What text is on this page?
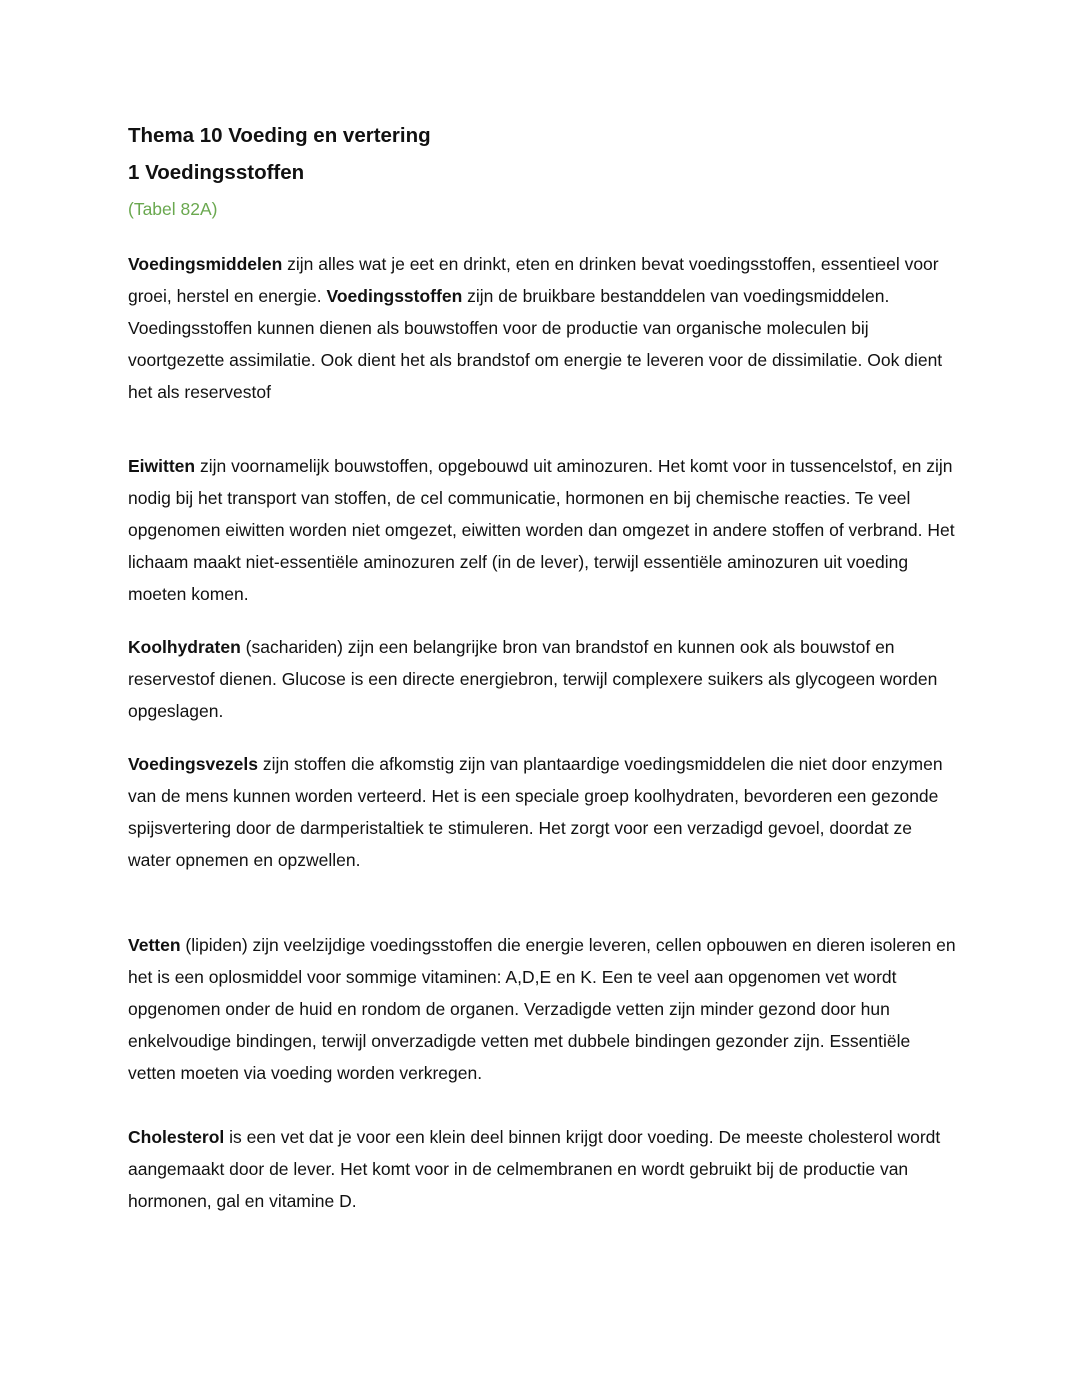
Thema 10 Voeding en vertering
1 Voedingsstoffen

(Tabel 82A)

Voedingsmiddelen zijn alles wat je eet en drinkt, eten en drinken bevat voedingsstoffen, essentieel voor groei, herstel en energie. Voedingsstoffen zijn de bruikbare bestanddelen van voedingsmiddelen. Voedingsstoffen kunnen dienen als bouwstoffen voor de productie van organische moleculen bij voortgezette assimilatie. Ook dient het als brandstof om energie te leveren voor de dissimilatie. Ook dient het als reservestof

Eiwitten zijn voornamelijk bouwstoffen, opgebouwd uit aminozuren. Het komt voor in tussencelstof, en zijn nodig bij het transport van stoffen, de cel communicatie, hormonen en bij chemische reacties. Te veel opgenomen eiwitten worden niet omgezet, eiwitten worden dan omgezet in andere stoffen of verbrand. Het lichaam maakt niet-essentiële aminozuren zelf (in de lever), terwijl essentiële aminozuren uit voeding moeten komen.

Koolhydraten (sachariden) zijn een belangrijke bron van brandstof en kunnen ook als bouwstof en reservestof dienen. Glucose is een directe energiebron, terwijl complexere suikers als glycogeen worden opgeslagen.

Voedingsvezels zijn stoffen die afkomstig zijn van plantaardige voedingsmiddelen die niet door enzymen van de mens kunnen worden verteerd. Het is een speciale groep koolhydraten, bevorderen een gezonde spijsvertering door de darmperistaltiek te stimuleren. Het zorgt voor een verzadigd gevoel, doordat ze water opnemen en opzwellen.

Vetten (lipiden) zijn veelzijdige voedingsstoffen die energie leveren, cellen opbouwen en dieren isoleren en het is een oplosmiddel voor sommige vitaminen: A,D,E en K. Een te veel aan opgenomen vet wordt opgenomen onder de huid en rondom de organen. Verzadigde vetten zijn minder gezond door hun enkelvoudige bindingen, terwijl onverzadigde vetten met dubbele bindingen gezonder zijn. Essentiële vetten moeten via voeding worden verkregen.

Cholesterol is een vet dat je voor een klein deel binnen krijgt door voeding. De meeste cholesterol wordt aangemaakt door de lever. Het komt voor in de celmembranen en wordt gebruikt bij de productie van hormonen, gal en vitamine D.
